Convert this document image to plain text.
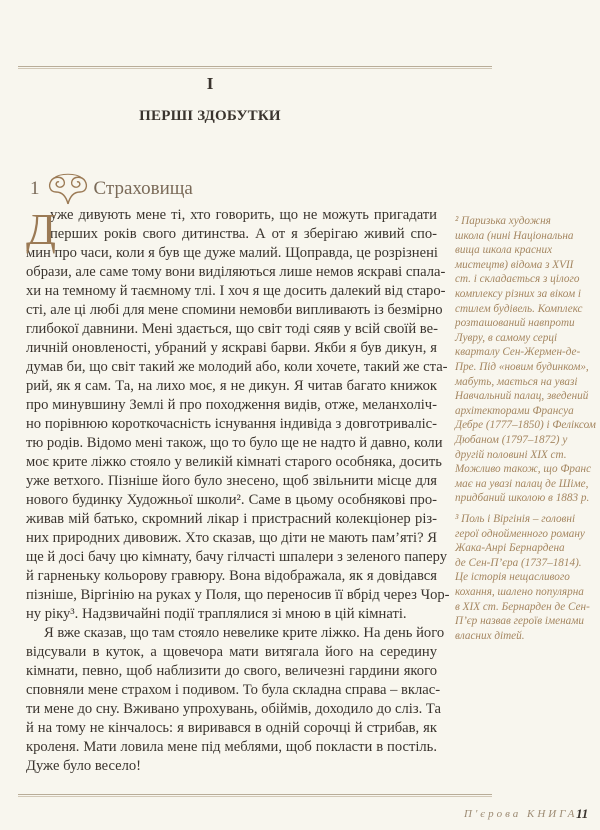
I
ПЕРШІ ЗДОБУТКИ
1	Страховища
Д
уже дивують мене ті, хто говорить, що не можуть пригадати
перших років свого дитинства. А от я зберігаю живий спо-
мин про часи, коли я був ще дуже малий. Щоправда, це розрізнені
образи, але саме тому вони виділяються лише немов яскраві спала-
хи на темному й таємному тлі. І хоч я ще досить далекий від старо-
сті, але ці любі для мене спомини немовби випливають із безмірно
глибокої давнини. Мені здається, що світ тоді сяяв у всій своїй ве-
личній оновленості, убраний у яскраві барви. Якби я був дикун, я
думав би, що світ такий же молодий або, коли хочете, такий же ста-
рий, як я сам. Та, на лихо моє, я не дикун. Я читав багато книжок
про минувшину Землі й про походження видів, отже, меланхоліч-
но порівнюю короткочасність існування індивіда з довготриваліс-
тю родів. Відомо мені також, що то було ще не надто й давно, коли
моє крите ліжко стояло у великій кімнаті старого особняка, досить
уже ветхого. Пізніше його було знесено, щоб звільнити місце для
нового будинку Художньої школи². Саме в цьому особнякові про-
живав мій батько, скромний лікар і пристрасний колекціонер різ-
них природних дивовиж. Хто сказав, що діти не мають пам’яті? Я
ще й досі бачу цю кімнату, бачу гілчасті шпалери з зеленого паперу
й гарненьку кольорову гравюру. Вона відображала, як я довідався
пізніше, Віргінію на руках у Поля, що переносив її вбрід через Чор-
ну ріку³. Надзвичайні події траплялися зі мною в цій кімнаті.
Я вже сказав, що там стояло невелике крите ліжко. На день його
відсували в куток, а щовечора мати витягала його на середину
кімнати, певно, щоб наблизити до свого, величезні гардини якого
сповняли мене страхом і подивом. То була складна справа – вклас-
ти мене до сну. Вживано упрохувань, обіймів, доходило до сліз. Та
й на тому не кінчалось: я виривався в одній сорочці й стрибав, як
кроленя. Мати ловила мене під меблями, щоб покласти в постіль.
Дуже було весело!
² Паризька художня
школа (нині Національна
вища школа красних
мистецтв) відома з XVII
ст. і складається з цілого
комплексу різних за віком і
стилем будівель. Комплекс
розташований навпроти
Лувру, в самому серці
кварталу Сен-Жермен-де-
Пре. Під «новим будинком»,
мабуть, мається на увазі
Навчальний палац, зведений
архітекторами Франсуа
Дебре (1777–1850) і Феліксом
Дюбаном (1797–1872) у
другій половині XIX ст.
Можливо також, що Франс
має на увазі палац де Шіме,
придбаний школою в 1883 р.
³ Поль і Віргінія – головні
герої однойменного роману
Жака-Анрі Бернардена
де Сен-П’єра (1737–1814).
Це історія нещасливого
кохання, шалено популярна
в XIX ст. Бернарден де Сен-
П’єр назвав героїв іменами
власних дітей.
П'єрова КНИГА
11
